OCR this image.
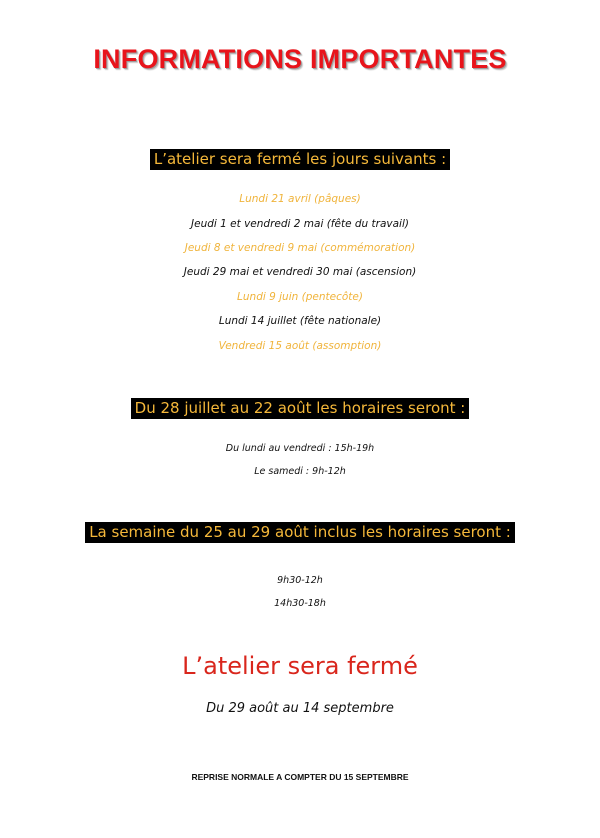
INFORMATIONS IMPORTANTES
L’atelier sera fermé les jours suivants :
Lundi 21 avril (pâques)
Jeudi 1 et vendredi 2 mai (fête du travail)
Jeudi 8 et vendredi 9 mai (commémoration)
Jeudi 29 mai et vendredi 30 mai (ascension)
Lundi 9 juin (pentecôte)
Lundi 14 juillet (fête nationale)
Vendredi 15 août (assomption)
Du 28 juillet au 22 août les horaires seront :
Du lundi au vendredi : 15h-19h
Le samedi : 9h-12h
La semaine du 25 au 29 août inclus les horaires seront :
9h30-12h
14h30-18h
L’atelier sera fermé
Du 29 août au 14 septembre
REPRISE NORMALE A COMPTER DU 15 SEPTEMBRE
